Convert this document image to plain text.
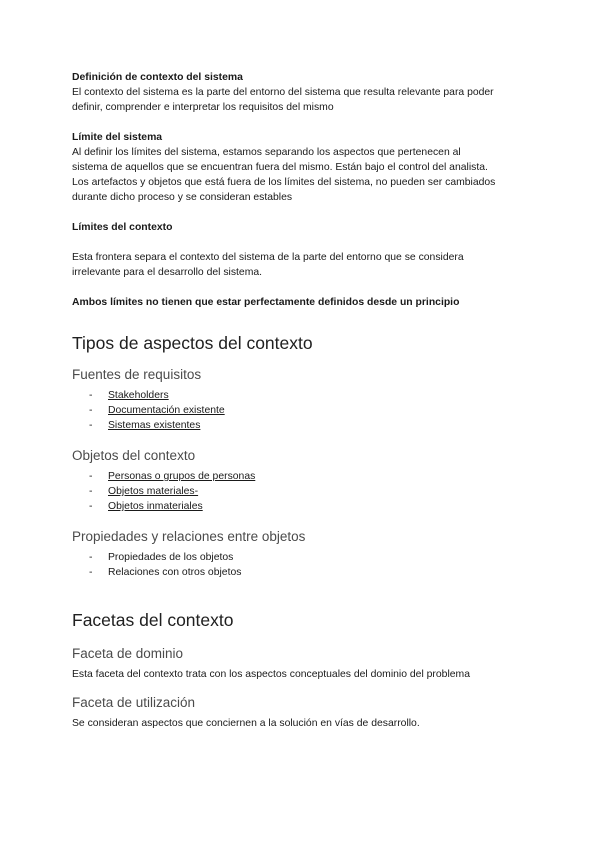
Definición de contexto del sistema

El contexto del sistema es la parte del entorno del sistema que resulta relevante para poder

definir, comprender e interpretar los requisitos del mismo

Límite del sistema

Al definir los límites del sistema, estamos separando los aspectos que pertenecen al

sistema de aquellos que se encuentran fuera del mismo. Están bajo el control del analista.

Los artefactos y objetos que está fuera de los límites del sistema, no pueden ser cambiados

durante dicho proceso y se consideran estables

Límites del contexto

Esta frontera separa el contexto del sistema de la parte del entorno que se considera

irrelevante para el desarrollo del sistema.

Ambos límites no tienen que estar perfectamente definidos desde un principio

Tipos de aspectos del contexto
Fuentes de requisitos
- Stakeholders
- Documentación existente
- Sistemas existentes
Objetos del contexto
- Personas o grupos de personas
- Objetos materiales-
- Objetos inmateriales
Propiedades y relaciones entre objetos
- Propiedades de los objetos
- Relaciones con otros objetos
Facetas del contexto
Faceta de dominio

Esta faceta del contexto trata con los aspectos conceptuales del dominio del problema

Faceta de utilización

Se consideran aspectos que conciernen a la solución en vías de desarrollo.
